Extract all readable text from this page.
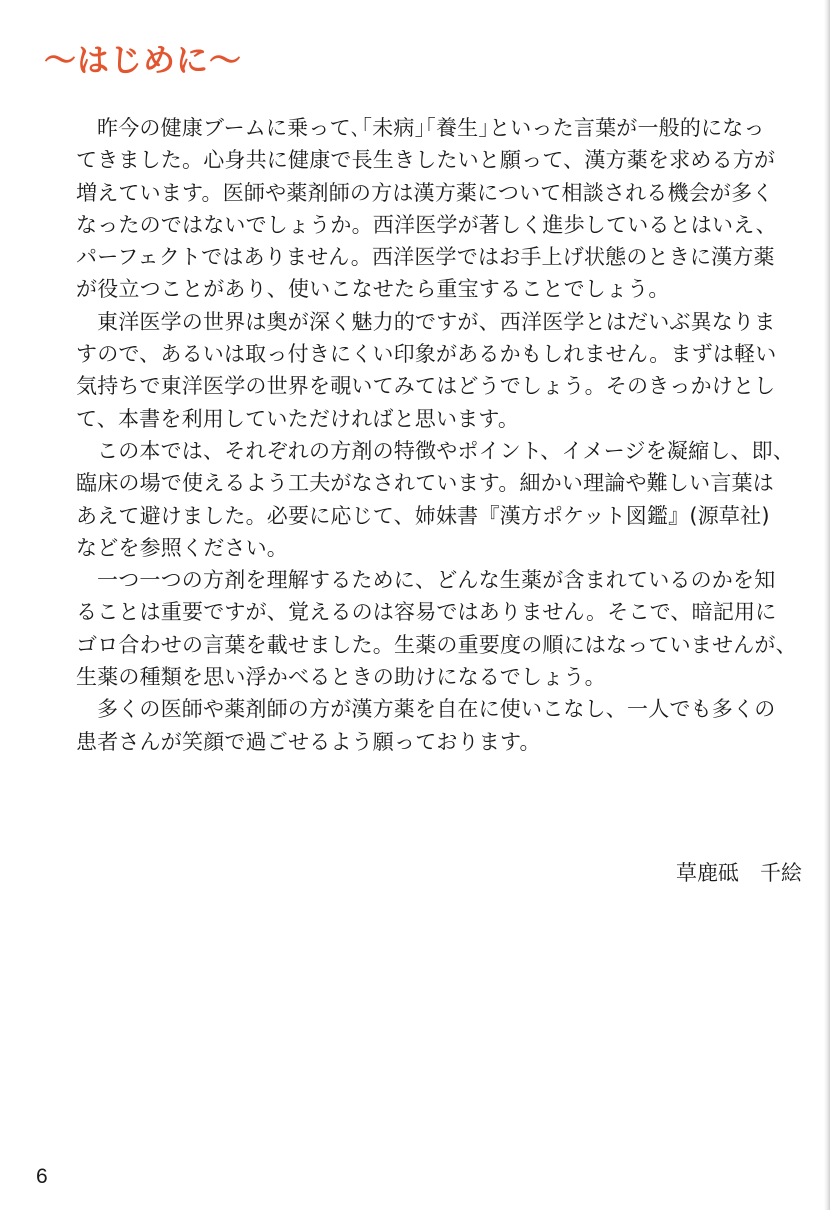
〜はじめに〜

昨今の健康ブームに乗って､｢未病｣｢養生｣といった言葉が一般的になっ
てきました。心身共に健康で長生きしたいと願って、漢方薬を求める方が
増えています。医師や薬剤師の方は漢方薬について相談される機会が多く
なったのではないでしょうか。西洋医学が著しく進歩しているとはいえ、
パーフェクトではありません。西洋医学ではお手上げ状態のときに漢方薬
が役立つことがあり、使いこなせたら重宝することでしょう。

東洋医学の世界は奥が深く魅力的ですが、西洋医学とはだいぶ異なりま
すので、あるいは取っ付きにくい印象があるかもしれません。まずは軽い
気持ちで東洋医学の世界を覗いてみてはどうでしょう。そのきっかけとし
て、本書を利用していただければと思います。

この本では、それぞれの方剤の特徴やポイント、イメージを凝縮し、即、
臨床の場で使えるよう工夫がなされています。細かい理論や難しい言葉は
あえて避けました。必要に応じて、姉妹書『漢方ポケット図鑑』(源草社)
などを参照ください。

一つ一つの方剤を理解するために、どんな生薬が含まれているのかを知
ることは重要ですが、覚えるのは容易ではありません。そこで、暗記用に
ゴロ合わせの言葉を載せました。生薬の重要度の順にはなっていませんが、
生薬の種類を思い浮かべるときの助けになるでしょう。

多くの医師や薬剤師の方が漢方薬を自在に使いこなし、一人でも多くの
患者さんが笑顔で過ごせるよう願っております。

草鹿砥　千絵
6
